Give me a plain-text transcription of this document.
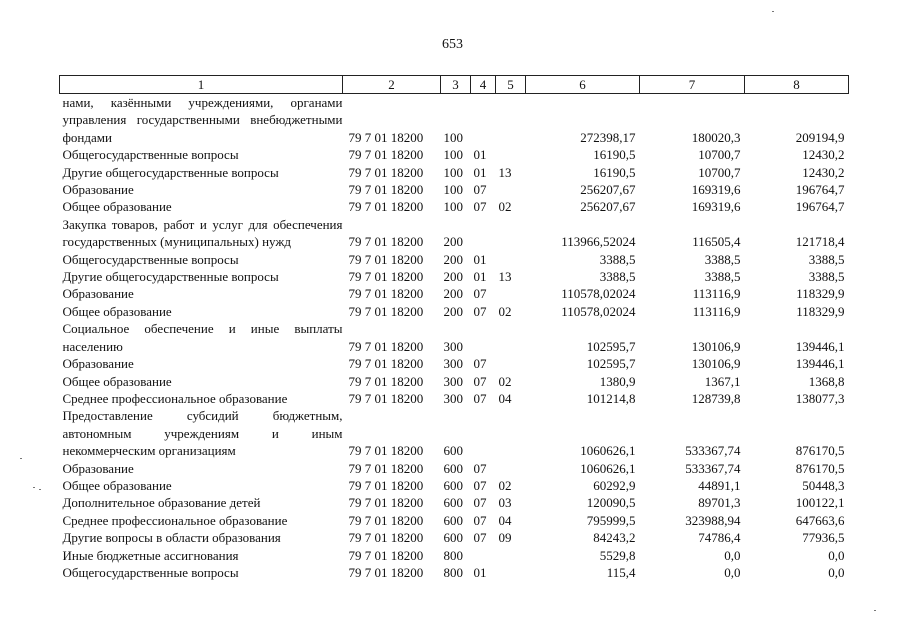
653
1	2	3	4	5	6	7	8
нами, казёнными учреждениями, органами управления государственными внебюджетными фондами	79 7 01 18200	100			272398,17	180020,3	209194,9
Общегосударственные вопросы	79 7 01 18200	100	01		16190,5	10700,7	12430,2
Другие общегосударственные вопросы	79 7 01 18200	100	01	13	16190,5	10700,7	12430,2
Образование	79 7 01 18200	100	07		256207,67	169319,6	196764,7
Общее образование	79 7 01 18200	100	07	02	256207,67	169319,6	196764,7
Закупка товаров, работ и услуг для обеспечения государственных (муниципальных) нужд	79 7 01 18200	200			113966,52024	116505,4	121718,4
Общегосударственные вопросы	79 7 01 18200	200	01		3388,5	3388,5	3388,5
Другие общегосударственные вопросы	79 7 01 18200	200	01	13	3388,5	3388,5	3388,5
Образование	79 7 01 18200	200	07		110578,02024	113116,9	118329,9
Общее образование	79 7 01 18200	200	07	02	110578,02024	113116,9	118329,9
Социальное обеспечение и иные выплаты населению	79 7 01 18200	300			102595,7	130106,9	139446,1
Образование	79 7 01 18200	300	07		102595,7	130106,9	139446,1
Общее образование	79 7 01 18200	300	07	02	1380,9	1367,1	1368,8
Среднее профессиональное образование	79 7 01 18200	300	07	04	101214,8	128739,8	138077,3
Предоставление субсидий бюджетным, автономным учреждениям и иным некоммерческим организациям	79 7 01 18200	600			1060626,1	533367,74	876170,5
Образование	79 7 01 18200	600	07		1060626,1	533367,74	876170,5
Общее образование	79 7 01 18200	600	07	02	60292,9	44891,1	50448,3
Дополнительное образование детей	79 7 01 18200	600	07	03	120090,5	89701,3	100122,1
Среднее профессиональное образование	79 7 01 18200	600	07	04	795999,5	323988,94	647663,6
Другие вопросы в области образования	79 7 01 18200	600	07	09	84243,2	74786,4	77936,5
Иные бюджетные ассигнования	79 7 01 18200	800			5529,8	0,0	0,0
Общегосударственные вопросы	79 7 01 18200	800	01		115,4	0,0	0,0
